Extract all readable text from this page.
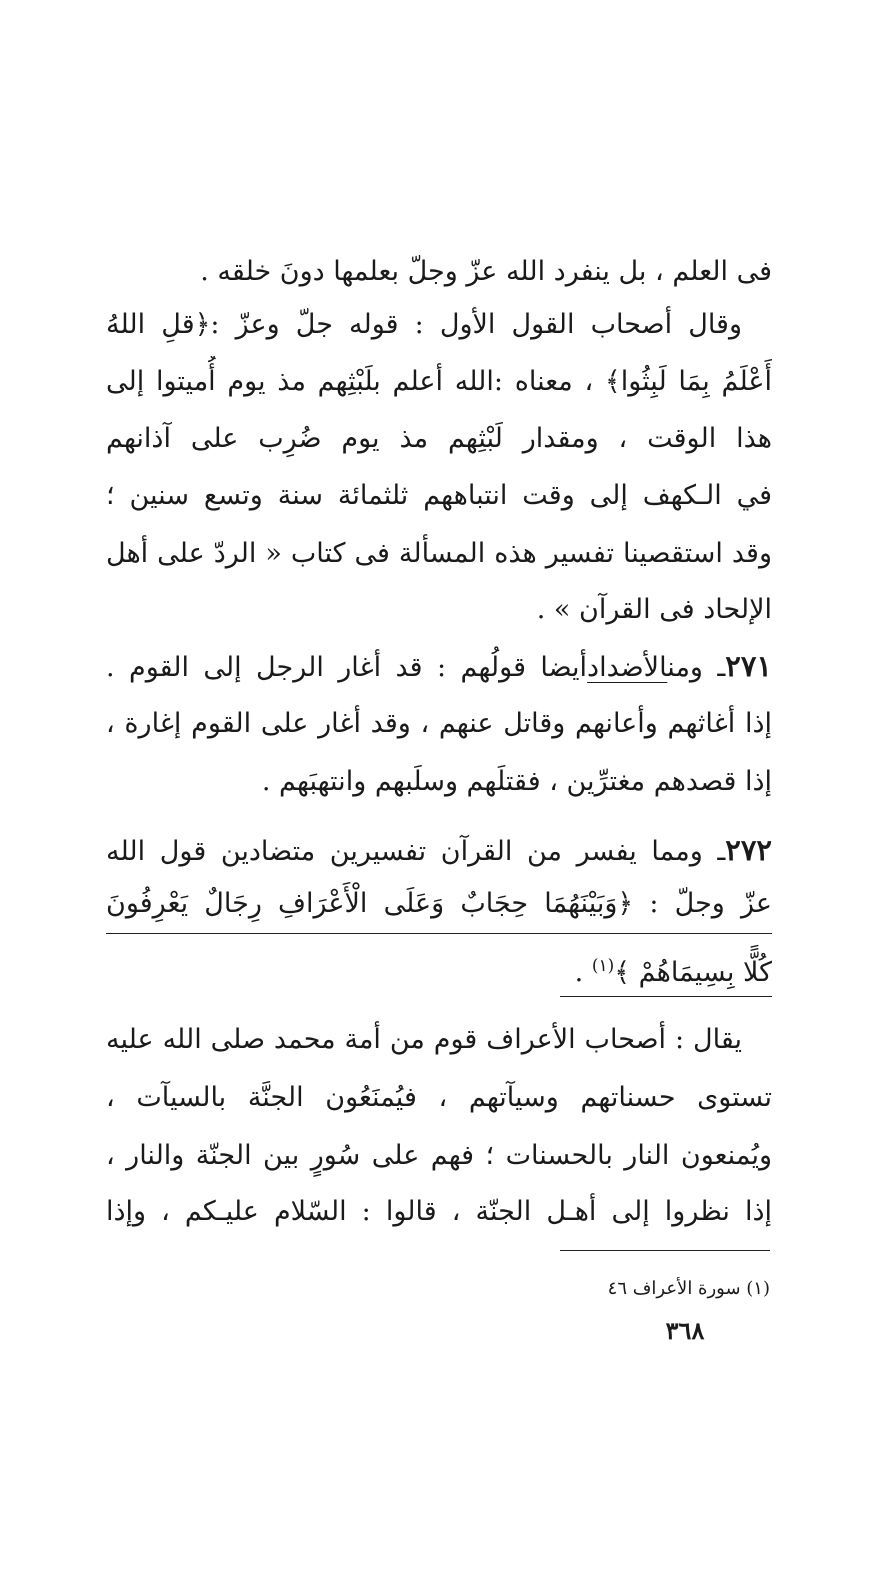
فى العلم ، بل ينفرد الله عزّ وجلّ بعلمها دونَ خلقه .
وقال أصحاب القول الأول : قوله جلّ وعزّ :﴿قلِ اللهُ
أَعْلَمُ بِمَا لَبِثُوا﴾ ، معناه :الله أعلم بلَبْثِهم مذ يوم أُميتوا إلى
هذا الوقت ، ومقدار لَبْثِهم مذ يوم ضُرِب على آذانهم
في الـكهف إلى وقت انتباههم ثلثمائة سنة وتسع سنين ؛
وقد استقصينا تفسير هذه المسألة فى كتاب « الردّ على أهل
الإلحاد فى القرآن » .
٢٧١ـ ومنالأضدادأيضا قولُهم : قد أغار الرجل إلى القوم .
إذا أغاثهم وأعانهم وقاتل عنهم ، وقد أغار على القوم إغارة ،
إذا قصدهم مغترِّين ، فقتلَهم وسلَبهم وانتهبَهم .
٢٧٢ـ ومما يفسر من القرآن تفسيرين متضادين قول الله
عزّ وجلّ : ﴿وَبَيْنَهُمَا حِجَابٌ وَعَلَى الْأَعْرَافِ رِجَالٌ يَعْرِفُونَ
كُلًّا بِسِيمَاهُمْ ﴾$^{(١)}$ .
يقال : أصحاب الأعراف قوم من أمة محمد صلى الله عليه
تستوى حسناتهم وسيآتهم ، فيُمنَعُون الجنَّة بالسيآت ،
ويُمنعون النار بالحسنات ؛ فهم على سُورٍ بين الجنّة والنار ،
إذا نظروا إلى أهـل الجنّة ، قالوا : السّلام عليـكم ، وإذا
(١) سورة الأعراف ٤٦
٣٦٨
